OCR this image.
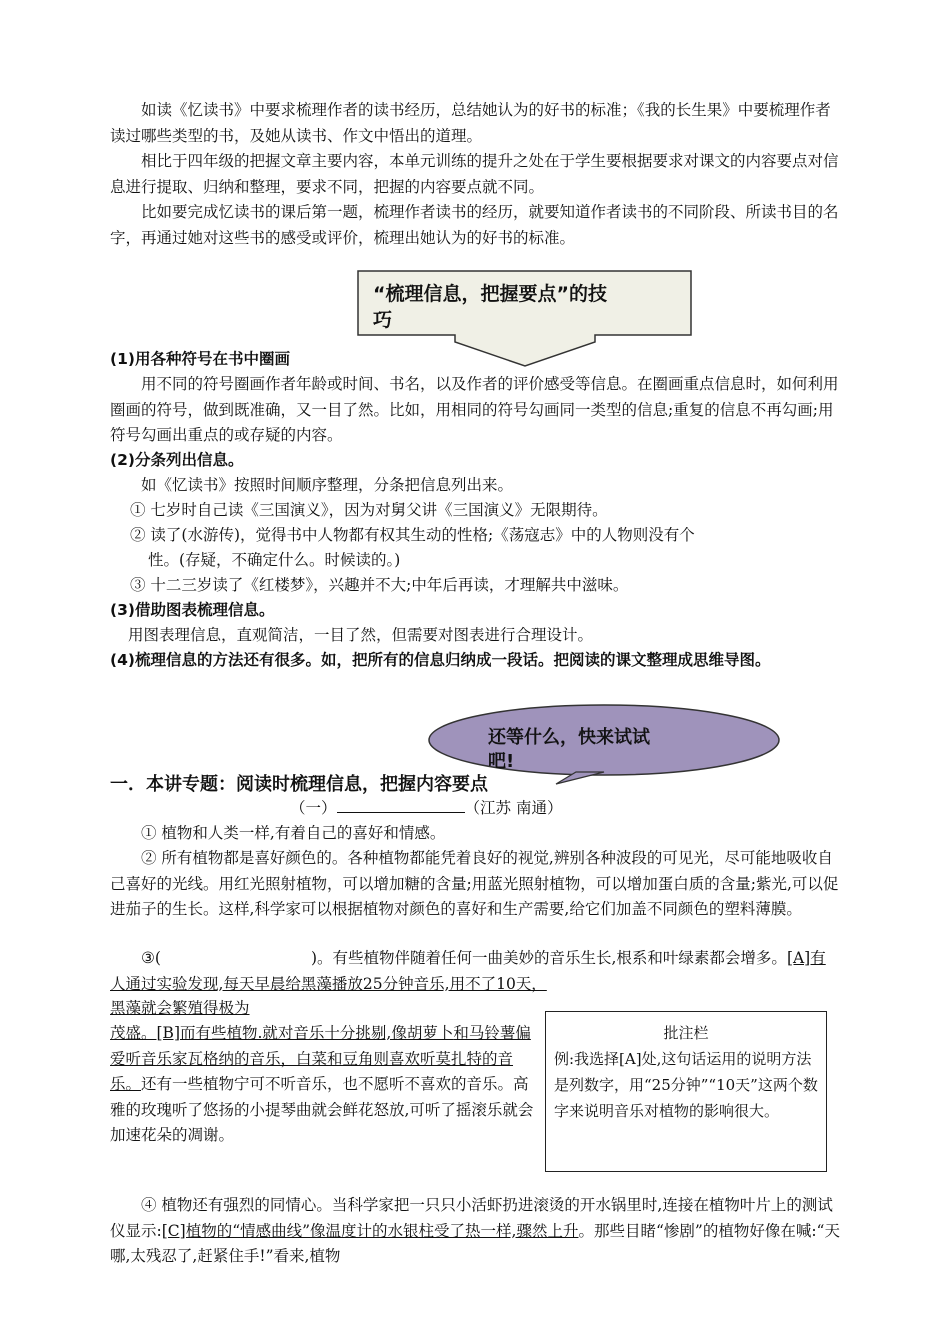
如读《忆读书》中要求梳理作者的读书经历，总结她认为的好书的标准；《我的长生果》中要梳理作者读过哪些类型的书，及她从读书、作文中悟出的道理。
相比于四年级的把握文章主要内容，本单元训练的提升之处在于学生要根据要求对课文的内容要点对信息进行提取、归纳和整理，要求不同，把握的内容要点就不同。
比如要完成忆读书的课后第一题，梳理作者读书的经历，就要知道作者读书的不同阶段、所读书目的名字，再通过她对这些书的感受或评价，梳理出她认为的好书的标准。
“梳理信息，把握要点”的技
巧
(1)用各种符号在书中圈画
用不同的符号圈画作者年龄或时间、书名，以及作者的评价感受等信息。在圈画重点信息时，如何利用圈画的符号，做到既准确，又一目了然。比如，用相同的符号勾画同一类型的信息;重复的信息不再勾画;用符号勾画出重点的或存疑的内容。
(2)分条列出信息。
如《忆读书》按照时间顺序整理，分条把信息列出来。
① 七岁时自己读《三国演义》，因为对舅父讲《三国演义》无限期待。
② 读了(水游传)，觉得书中人物都有权其生动的性格;《荡寇志》中的人物则没有个
性。(存疑，不确定什么。时候读的。)
③ 十二三岁读了《红楼梦》，兴趣并不大;中年后再读，才理解共中滋味。
(3)借助图表梳理信息。
用图表理信息，直观简洁，一目了然，但需要对图表进行合理设计。
(4)梳理信息的方法还有很多。如，把所有的信息归纳成一段话。把阅读的课文整理成思维导图。
还等什么，快来试试
吧!
一．本讲专题：阅读时梳理信息，把握内容要点
（一）	（江苏 南通）
① 植物和人类一样,有着自己的喜好和情感。
② 所有植物都是喜好颜色的。各种植物都能凭着良好的视觉,辨别各种波段的可见光，尽可能地吸收自己喜好的光线。用红光照射植物，可以增加糖的含量;用蓝光照射植物，可以增加蛋白质的含量;紫光,可以促进茄子的生长。这样,科学家可以根据植物对颜色的喜好和生产需要,给它们加盖不同颜色的塑料薄膜。
③(	)。有些植物伴随着任何一曲美妙的音乐生长,根系和叶绿素都会增多。[A]有人通过实验发现,每天早晨给黑藻播放25分钟音乐,用不了10天，
黑藻就会繁殖得极为
茂盛。[B]而有些植物.就对音乐十分挑剔,像胡萝卜和马铃薯偏爱听音乐家瓦格纳的音乐，白菜和豆角则喜欢听莫扎特的音乐。还有一些植物宁可不听音乐，也不愿听不喜欢的音乐。高雅的玫瑰听了悠扬的小提琴曲就会鲜花怒放,可听了摇滚乐就会加速花朵的凋谢。
批注栏
例:我选择[A]处,这句话运用的说明方法是列数字，用“25分钟”“10天”这两个数字来说明音乐对植物的影响很大。
④ 植物还有强烈的同情心。当科学家把一只只小活虾扔进滚烫的开水锅里时,连接在植物叶片上的测试仪显示:[C]植物的“情感曲线”像温度计的水银柱受了热一样,骤然上升。那些目睹“惨剧”的植物好像在喊:“天哪,太残忍了,赶紧住手!”看来,植物
